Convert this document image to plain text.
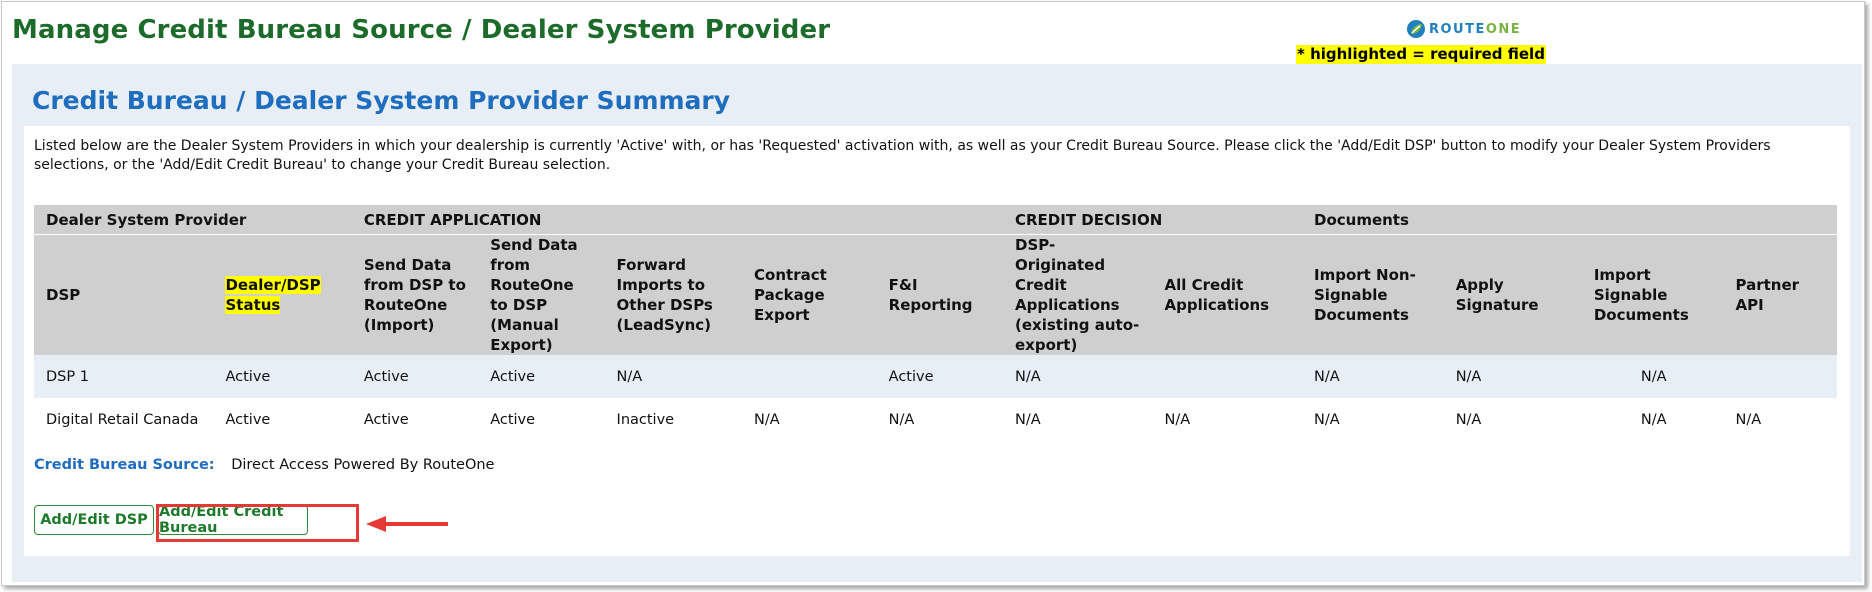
Manage Credit Bureau Source / Dealer System Provider	ROUTEONE
* highlighted = required field
Credit Bureau / Dealer System Provider Summary

Listed below are the Dealer System Providers in which your dealership is currently 'Active' with, or has 'Requested' activation with, as well as your Credit Bureau Source. Please click the 'Add/Edit DSP' button to modify your Dealer System Providers selections, or the 'Add/Edit Credit Bureau' to change your Credit Bureau selection.

Dealer System Provider		CREDIT APPLICATION					CREDIT DECISION		Documents			
DSP	Dealer/DSP Status	Send Data from DSP to RouteOne (Import)	Send Data from RouteOne to DSP (Manual Export)	Forward Imports to Other DSPs (LeadSync)	Contract Package Export	F&I Reporting	DSP-Originated Credit Applications (existing auto-export)	All Credit Applications	Import Non-Signable Documents	Apply Signature	Import Signable Documents	Partner API
DSP 1	Active	Active	Active	N/A		Active	N/A		N/A	N/A	N/A	
Digital Retail Canada	Active	Active	Active	Inactive	N/A	N/A	N/A	N/A	N/A	N/A	N/A	N/A
Credit Bureau Source: Direct Access Powered By RouteOne
Add/Edit DSP Add/Edit Credit Bureau
